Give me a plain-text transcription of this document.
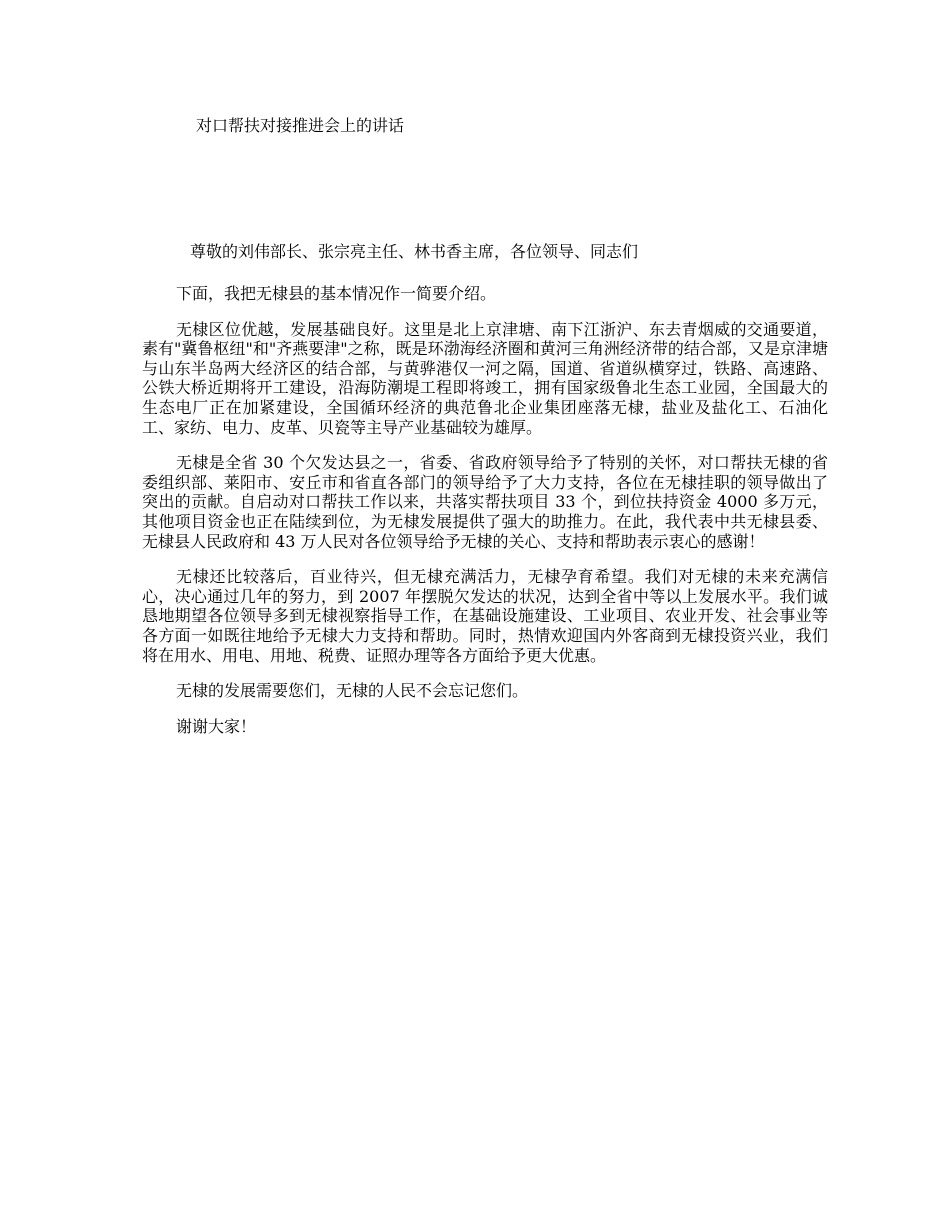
对口帮扶对接推进会上的讲话
尊敬的刘伟部长、张宗亮主任、林书香主席，各位领导、同志们

下面，我把无棣县的基本情况作一简要介绍。

无棣区位优越，发展基础良好。这里是北上京津塘、南下江浙沪、东去青烟威的交通要道，素有"冀鲁枢纽"和"齐燕要津"之称，既是环渤海经济圈和黄河三角洲经济带的结合部，又是京津塘与山东半岛两大经济区的结合部，与黄骅港仅一河之隔，国道、省道纵横穿过，铁路、高速路、公铁大桥近期将开工建设，沿海防潮堤工程即将竣工，拥有国家级鲁北生态工业园，全国最大的生态电厂正在加紧建设，全国循环经济的典范鲁北企业集团座落无棣，盐业及盐化工、石油化工、家纺、电力、皮革、贝瓷等主导产业基础较为雄厚。

无棣是全省 30 个欠发达县之一，省委、省政府领导给予了特别的关怀，对口帮扶无棣的省委组织部、莱阳市、安丘市和省直各部门的领导给予了大力支持，各位在无棣挂职的领导做出了突出的贡献。自启动对口帮扶工作以来，共落实帮扶项目 33 个，到位扶持资金 4000 多万元，其他项目资金也正在陆续到位，为无棣发展提供了强大的助推力。在此，我代表中共无棣县委、无棣县人民政府和 43 万人民对各位领导给予无棣的关心、支持和帮助表示衷心的感谢！

无棣还比较落后，百业待兴，但无棣充满活力，无棣孕育希望。我们对无棣的未来充满信心，决心通过几年的努力，到 2007 年摆脱欠发达的状况，达到全省中等以上发展水平。我们诚恳地期望各位领导多到无棣视察指导工作，在基础设施建设、工业项目、农业开发、社会事业等各方面一如既往地给予无棣大力支持和帮助。同时，热情欢迎国内外客商到无棣投资兴业，我们将在用水、用电、用地、税费、证照办理等各方面给予更大优惠。

无棣的发展需要您们，无棣的人民不会忘记您们。

谢谢大家！
